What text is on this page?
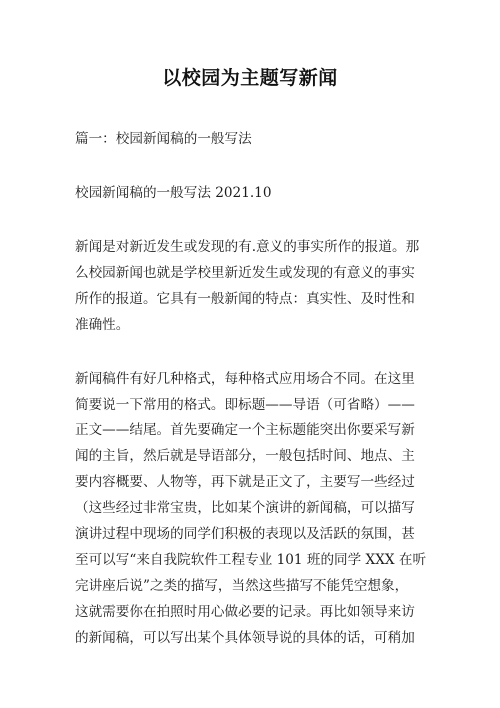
以校园为主题写新闻
篇一：校园新闻稿的一般写法
校园新闻稿的一般写法 2021.10
新闻是对新近发生或发现的有.意义的事实所作的报道。那
么校园新闻也就是学校里新近发生或发现的有意义的事实
所作的报道。它具有一般新闻的特点：真实性、及时性和
准确性。
新闻稿件有好几种格式，每种格式应用场合不同。在这里
简要说一下常用的格式。即标题——导语（可省略）——
正文——结尾。首先要确定一个主标题能突出你要采写新
闻的主旨，然后就是导语部分，一般包括时间、地点、主
要内容概要、人物等，再下就是正文了，主要写一些经过
（这些经过非常宝贵，比如某个演讲的新闻稿，可以描写
演讲过程中现场的同学们积极的表现以及活跃的氛围，甚
至可以写“来自我院软件工程专业 101 班的同学 XXX 在听
完讲座后说”之类的描写，当然这些描写不能凭空想象，
这就需要你在拍照时用心做必要的记录。再比如领导来访
的新闻稿，可以写出某个具体领导说的具体的话，可稍加
